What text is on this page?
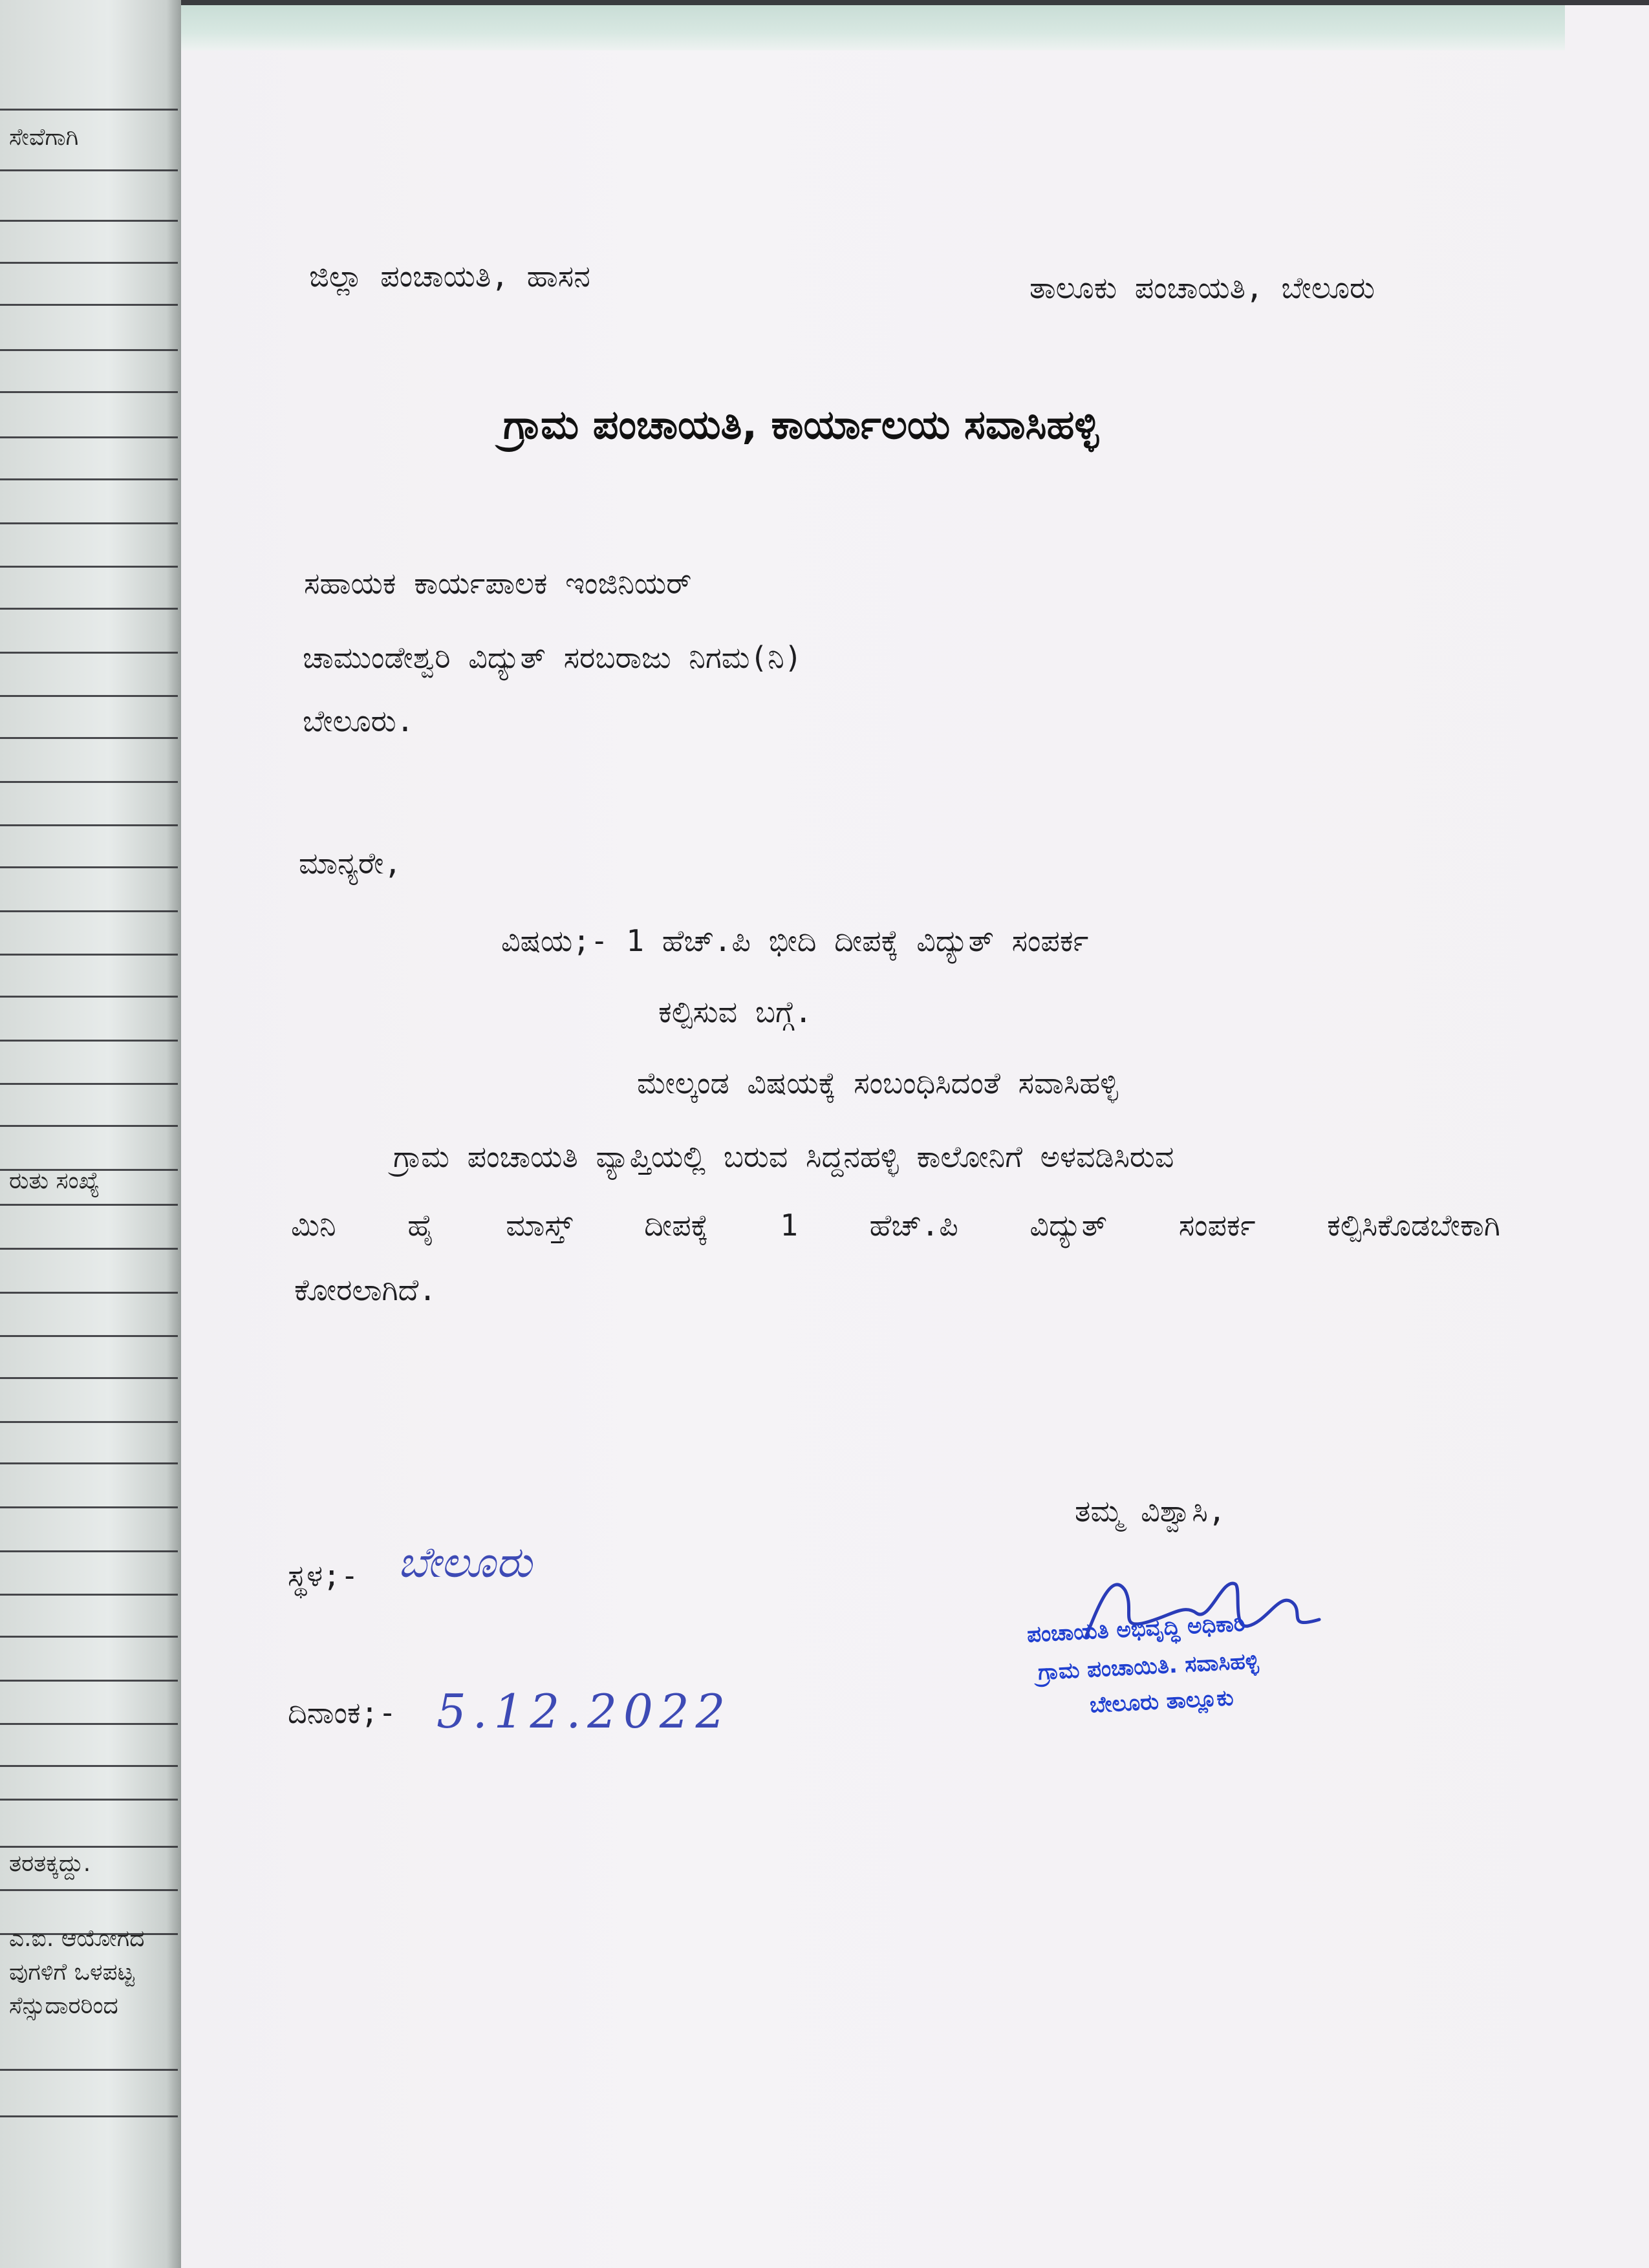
ಸೇವೆಗಾಗಿ
ರುತು ಸಂಖ್ಯೆ
ತರತಕ್ಕದ್ದು.
ಎ.ಐ. ಆಯೋಗದ
ವುಗಳಿಗೆ ಒಳಪಟ್ಟ
ಸೆನ್ಸುದಾರರಿಂದ
ಜಿಲ್ಲಾ ಪಂಚಾಯತಿ, ಹಾಸನ	ತಾಲೂಕು ಪಂಚಾಯತಿ, ಬೇಲೂರು
ಗ್ರಾಮ ಪಂಚಾಯತಿ, ಕಾರ್ಯಾಲಯ ಸವಾಸಿಹಳ್ಳಿ
ಸಹಾಯಕ ಕಾರ್ಯಪಾಲಕ ಇಂಜಿನಿಯರ್
ಚಾಮುಂಡೇಶ್ವರಿ ವಿದ್ಯುತ್ ಸರಬರಾಜು ನಿಗಮ(ನಿ)
ಬೇಲೂರು.
ಮಾನ್ಯರೇ,
ವಿಷಯ;- 1 ಹೆಚ್.ಪಿ ಭೀದಿ ದೀಪಕ್ಕೆ ವಿದ್ಯುತ್ ಸಂಪರ್ಕ
ಕಲ್ಪಿಸುವ ಬಗ್ಗೆ.
ಮೇಲ್ಕಂಡ ವಿಷಯಕ್ಕೆ ಸಂಬಂಧಿಸಿದಂತೆ ಸವಾಸಿಹಳ್ಳಿ
ಗ್ರಾಮ ಪಂಚಾಯತಿ ವ್ಯಾಪ್ತಿಯಲ್ಲಿ ಬರುವ ಸಿದ್ದನಹಳ್ಳಿ ಕಾಲೋನಿಗೆ ಅಳವಡಿಸಿರುವ
ಮಿನಿ ಹೈ ಮಾಸ್ತ್ ದೀಪಕ್ಕೆ 1 ಹೆಚ್.ಪಿ ವಿದ್ಯುತ್ ಸಂಪರ್ಕ ಕಲ್ಪಿಸಿಕೊಡಬೇಕಾಗಿ
ಕೋರಲಾಗಿದೆ.
ತಮ್ಮ ವಿಶ್ವಾಸಿ,
ಸ್ಥಳ;- ಬೇಲೂರು
ದಿನಾಂಕ;- 5.12.2022
ಪಂಚಾಯತಿ ಅಭಿವೃದ್ಧಿ ಅಧಿಕಾರಿ
ಗ್ರಾಮ ಪಂಚಾಯಿತಿ. ಸವಾಸಿಹಳ್ಳಿ
ಬೇಲೂರು ತಾಲ್ಲೂಕು
